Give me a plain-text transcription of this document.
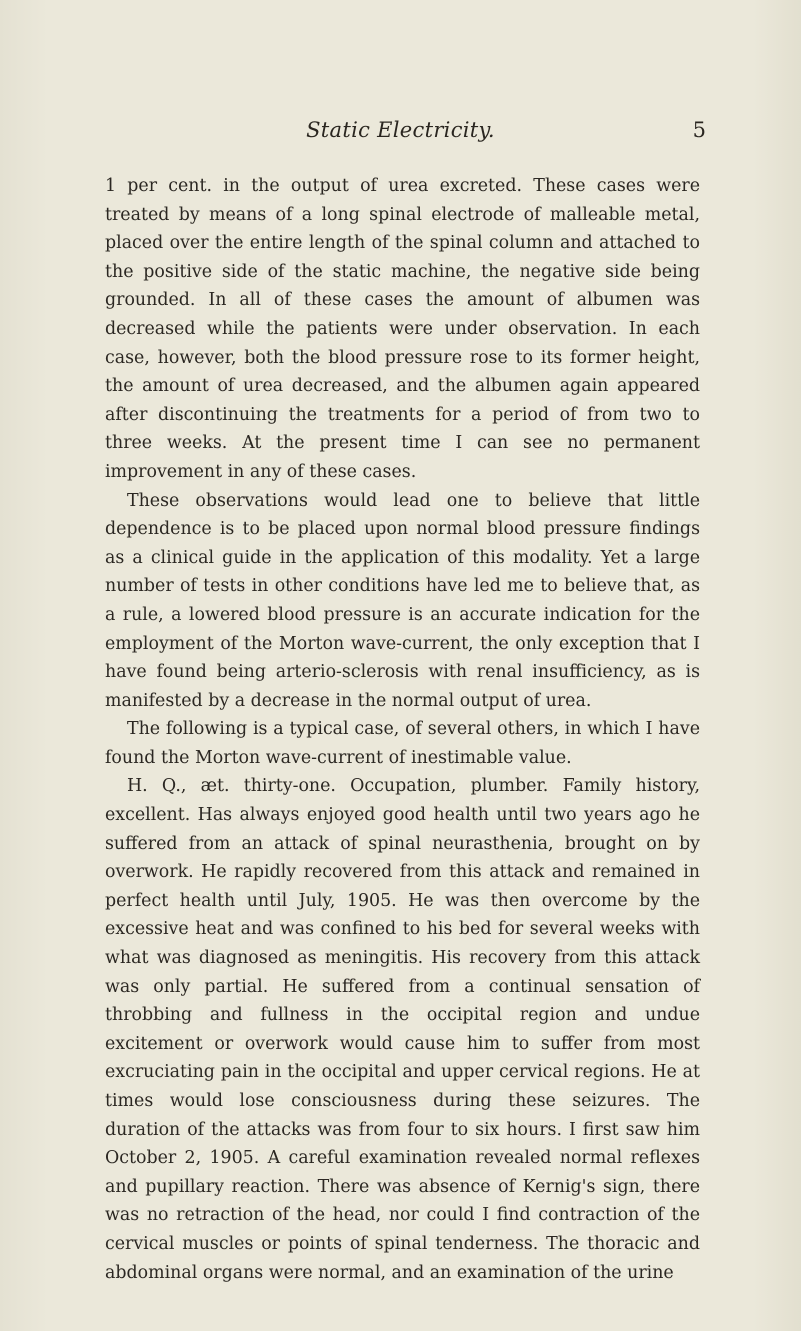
Static Electricity.	5

1 per cent. in the output of urea excreted. These cases were treated by means of a long spinal electrode of malleable metal, placed over the entire length of the spinal column and attached to the positive side of the static machine, the negative side being grounded. In all of these cases the amount of albumen was decreased while the patients were under observation. In each case, however, both the blood pressure rose to its former height, the amount of urea decreased, and the albumen again appeared after discontinuing the treatments for a period of from two to three weeks. At the present time I can see no permanent improvement in any of these cases.

These observations would lead one to believe that little dependence is to be placed upon normal blood pressure findings as a clinical guide in the application of this modality. Yet a large number of tests in other conditions have led me to believe that, as a rule, a lowered blood pressure is an accurate indication for the employment of the Morton wave-current, the only exception that I have found being arterio-sclerosis with renal insufficiency, as is manifested by a decrease in the normal output of urea.

The following is a typical case, of several others, in which I have found the Morton wave-current of inestimable value.

H. Q., æt. thirty-one. Occupation, plumber. Family history, excellent. Has always enjoyed good health until two years ago he suffered from an attack of spinal neurasthenia, brought on by overwork. He rapidly recovered from this attack and remained in perfect health until July, 1905. He was then overcome by the excessive heat and was confined to his bed for several weeks with what was diagnosed as meningitis. His recovery from this attack was only partial. He suffered from a continual sensation of throbbing and fullness in the occipital region and undue excitement or overwork would cause him to suffer from most excruciating pain in the occipital and upper cervical regions. He at times would lose consciousness during these seizures. The duration of the attacks was from four to six hours. I first saw him October 2, 1905. A careful examination revealed normal reflexes and pupillary reaction. There was absence of Kernig's sign, there was no retraction of the head, nor could I find contraction of the cervical muscles or points of spinal tenderness. The thoracic and abdominal organs were normal, and an examination of the urine
